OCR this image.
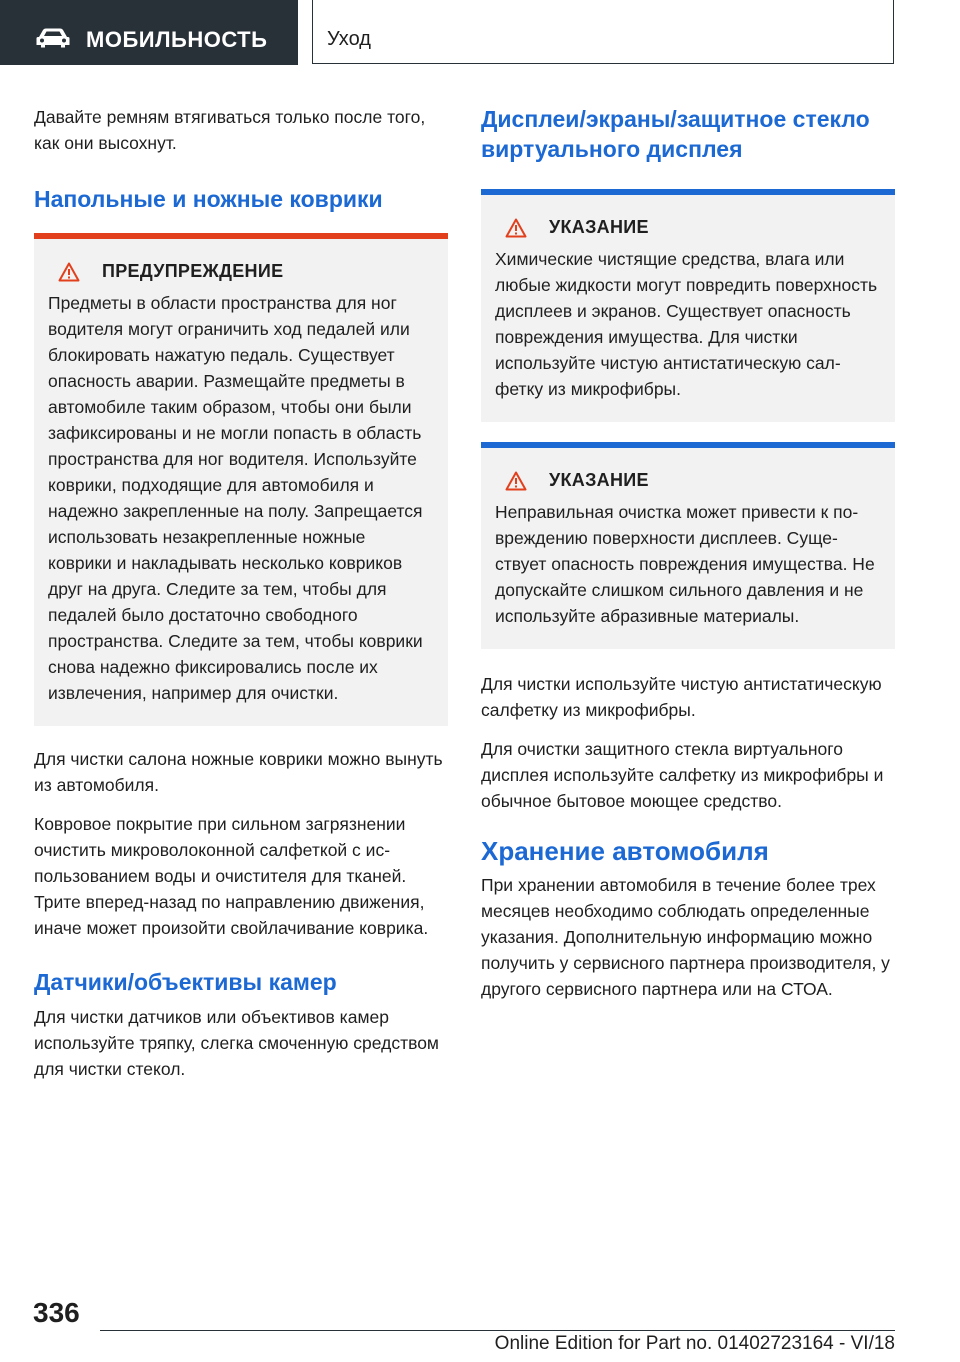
МОБИЛЬНОСТЬ	Уход

Давайте ремням втягиваться только после того, как они высохнут.

Напольные и ножные коврики
ПРЕДУПРЕЖДЕНИЕ

Предметы в области пространства для ног водителя могут ограничить ход педалей или блокировать нажатую педаль. Существует опасность аварии. Размещайте предметы в автомобиле таким образом, чтобы они были зафиксированы и не могли попасть в область пространства для ног водителя. Используйте коврики, подходящие для автомобиля и надежно закрепленные на полу. Запрещается использовать незакрепленные ножные коврики и накладывать несколько ковриков друг на друга. Следите за тем, чтобы для педалей было достаточно свободного пространства. Следите за тем, чтобы коврики снова надежно фиксировались после их извлечения, например для очистки.

Для чистки салона ножные коврики можно вынуть из автомобиля.

Ковровое покрытие при сильном загрязнении очистить микроволоконной салфеткой с использованием воды и очистителя для тканей. Трите вперед-назад по направлению движения, иначе может произойти свойлачивание коврика.

Датчики/объективы камер

Для чистки датчиков или объективов камер используйте тряпку, слегка смоченную средством для чистки стекол.

Дисплеи/экраны/защитное стекло виртуального дисплея
УКАЗАНИЕ

Химические чистящие средства, влага или любые жидкости могут повредить поверхность дисплеев и экранов. Существует опасность повреждения имущества. Для чистки используйте чистую антистатическую салфетку из микрофибры.

УКАЗАНИЕ

Неправильная очистка может привести к повреждению поверхности дисплеев. Существует опасность повреждения имущества. Не допускайте слишком сильного давления и не используйте абразивные материалы.

Для чистки используйте чистую антистатическую салфетку из микрофибры.

Для очистки защитного стекла виртуального дисплея используйте салфетку из микрофибры и обычное бытовое моющее средство.

Хранение автомобиля

При хранении автомобиля в течение более трех месяцев необходимо соблюдать определенные указания. Дополнительную информацию можно получить у сервисного партнера производителя, у другого сервисного партнера или на СТОА.

336
Online Edition for Part no. 01402723164 - VI/18
